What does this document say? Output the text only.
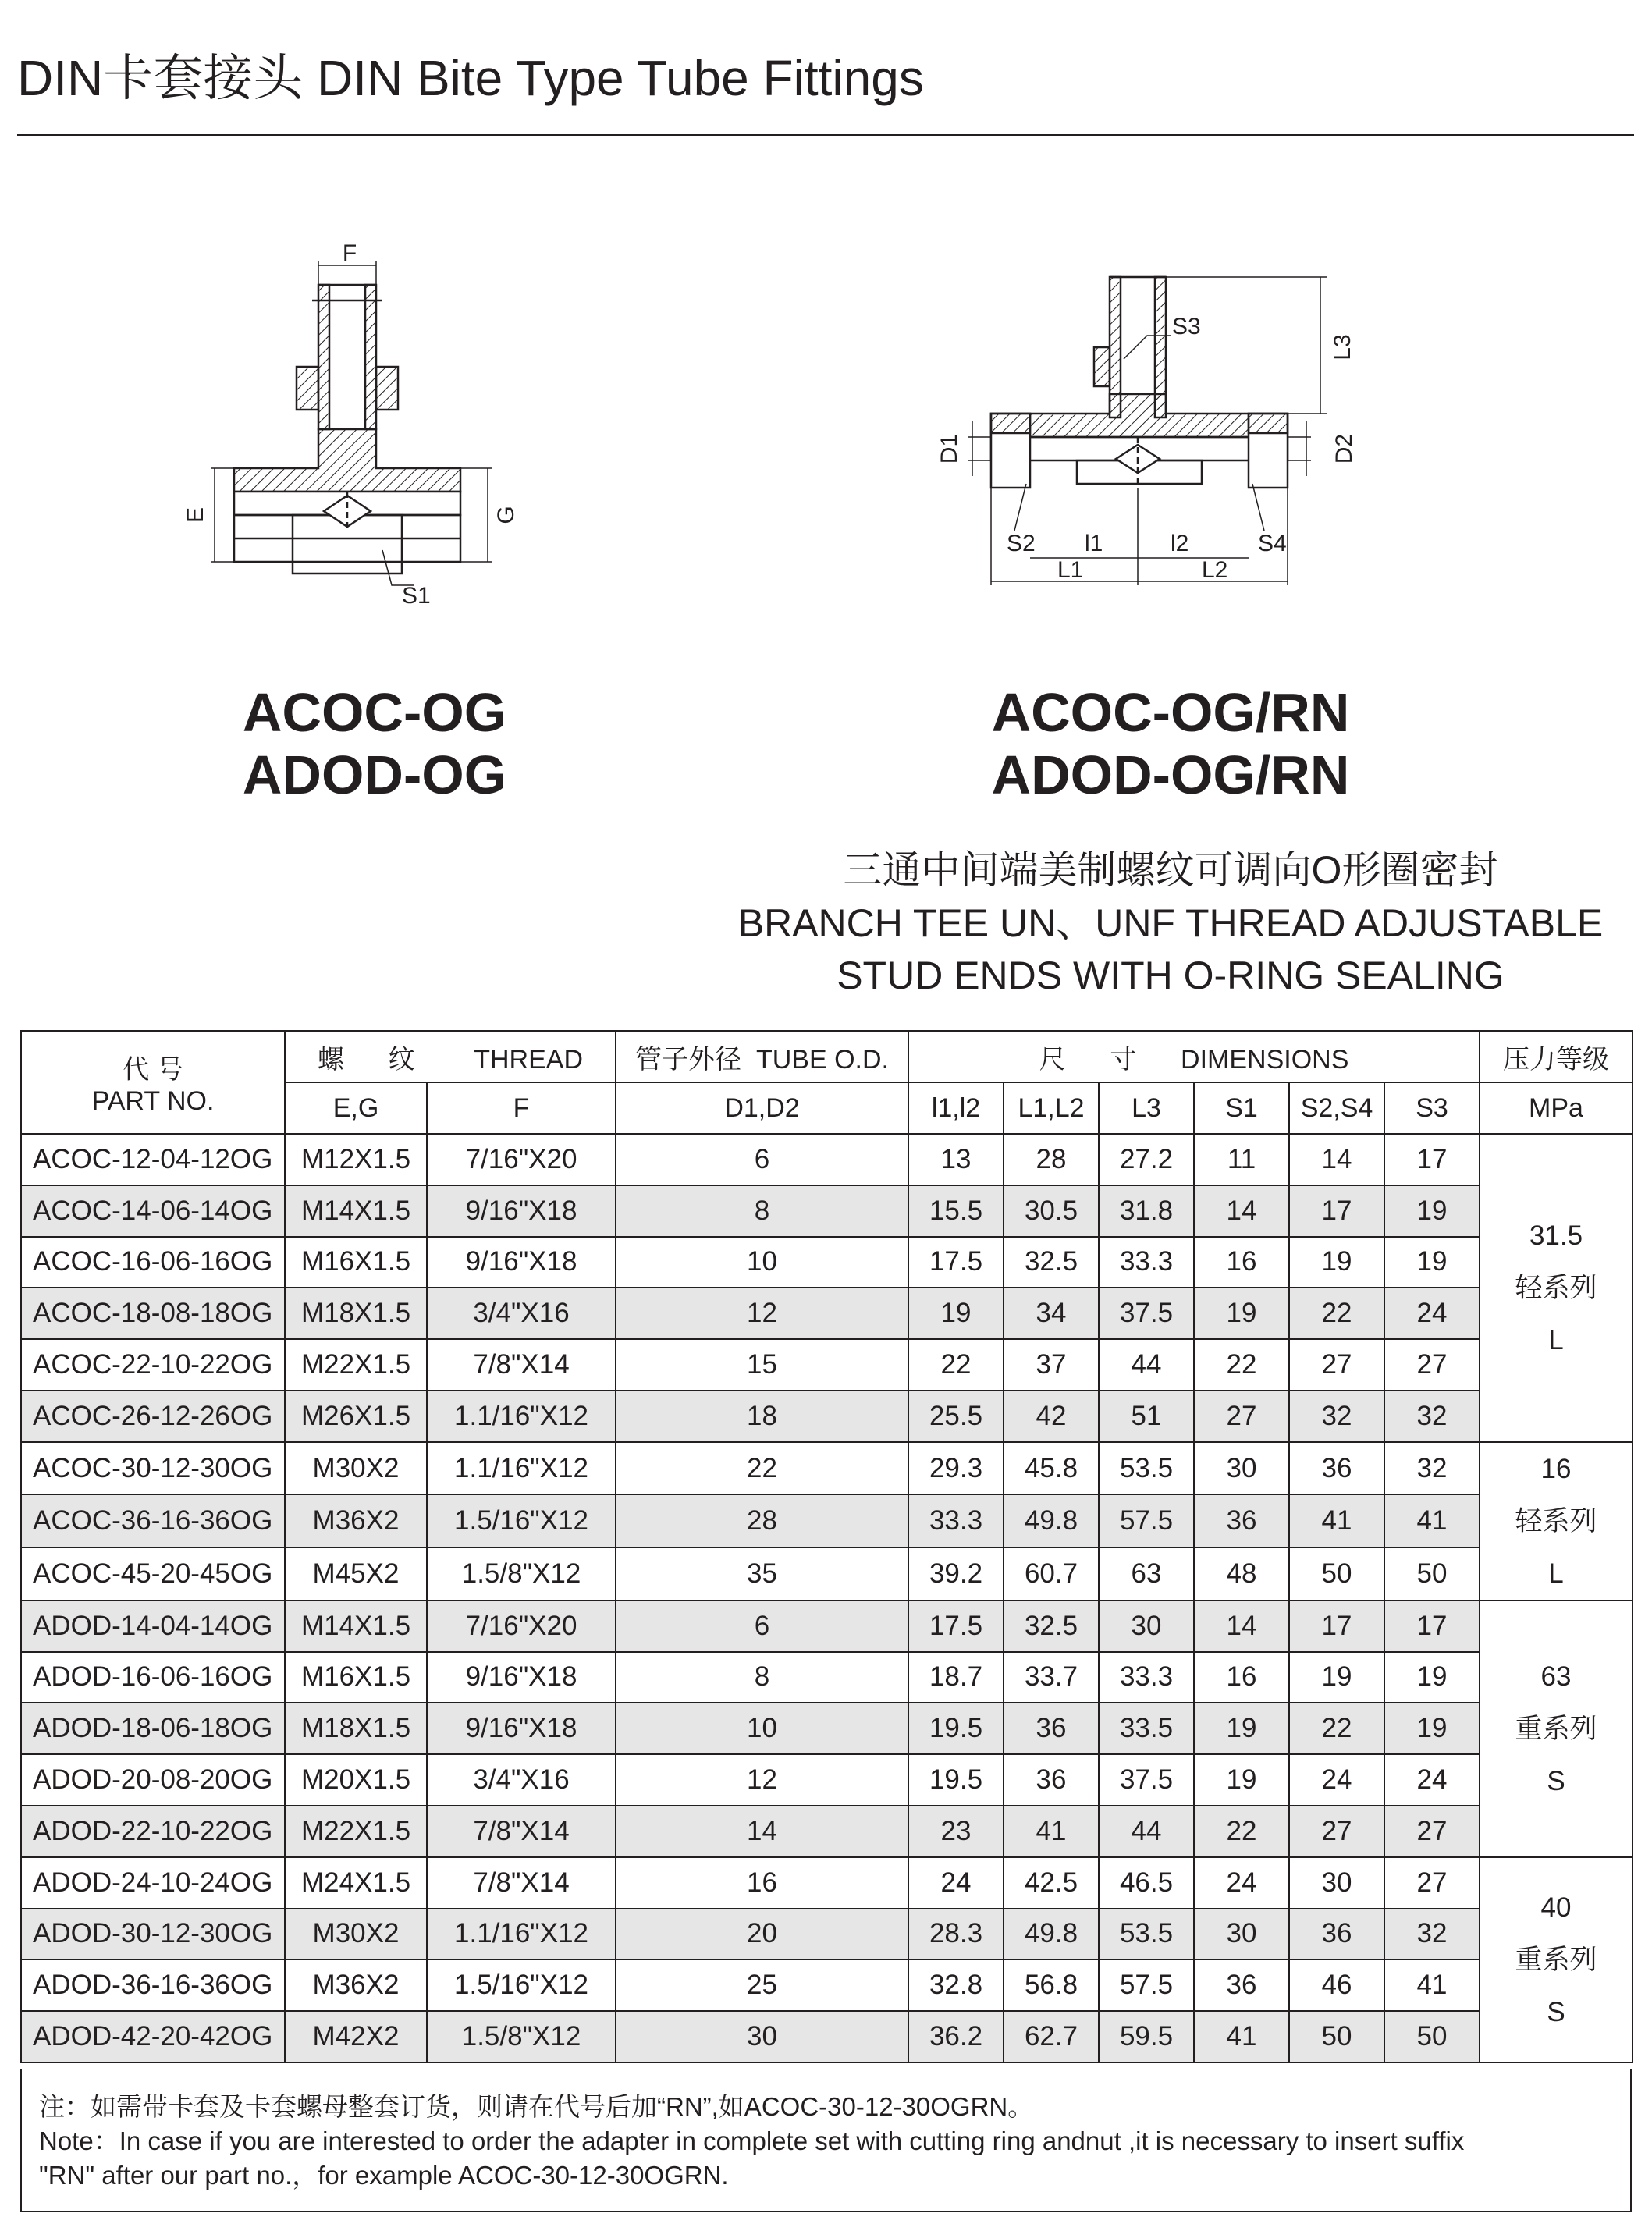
DIN卡套接头 DIN Bite Type Tube Fittings
F
E	G
S1
S3
L3
D1	D2
S2	S4
l1	l2
L1	L2
ACOC-OG
ADOD-OG
ACOC-OG/RN
ADOD-OG/RN
三通中间端美制螺纹可调向O形圈密封
BRANCH TEE UN、UNF THREAD ADJUSTABLE
STUD ENDS WITH O-RING SEALING
代 号
PART NO.	螺      纹        THREAD		管子外径  TUBE O.D.	尺      寸      DIMENSIONS						压力等级
	E,G	F	D1,D2	l1,l2	L1,L2	L3	S1	S2,S4	S3	MPa
ACOC-12-04-12OG	M12X1.5	7/16"X20	6	13	28	27.2	11	14	17	31.5
轻系列
L

ACOC-14-06-14OG	M14X1.5	9/16"X18	8	15.5	30.5	31.8	14	17	19	
ACOC-16-06-16OG	M16X1.5	9/16"X18	10	17.5	32.5	33.3	16	19	19	
ACOC-18-08-18OG	M18X1.5	3/4"X16	12	19	34	37.5	19	22	24	
ACOC-22-10-22OG	M22X1.5	7/8"X14	15	22	37	44	22	27	27	
ACOC-26-12-26OG	M26X1.5	1.1/16"X12	18	25.5	42	51	27	32	32	
ACOC-30-12-30OG	M30X2	1.1/16"X12	22	29.3	45.8	53.5	30	36	32	16
轻系列
L

ACOC-36-16-36OG	M36X2	1.5/16"X12	28	33.3	49.8	57.5	36	41	41	
ACOC-45-20-45OG	M45X2	1.5/8"X12	35	39.2	60.7	63	48	50	50	
ADOD-14-04-14OG	M14X1.5	7/16"X20	6	17.5	32.5	30	14	17	17	63
重系列
S

ADOD-16-06-16OG	M16X1.5	9/16"X18	8	18.7	33.7	33.3	16	19	19	
ADOD-18-06-18OG	M18X1.5	9/16"X18	10	19.5	36	33.5	19	22	19	
ADOD-20-08-20OG	M20X1.5	3/4"X16	12	19.5	36	37.5	19	24	24	
ADOD-22-10-22OG	M22X1.5	7/8"X14	14	23	41	44	22	27	27	
ADOD-24-10-24OG	M24X1.5	7/8"X14	16	24	42.5	46.5	24	30	27	40
重系列
S

ADOD-30-12-30OG	M30X2	1.1/16"X12	20	28.3	49.8	53.5	30	36	32	
ADOD-36-16-36OG	M36X2	1.5/16"X12	25	32.8	56.8	57.5	36	46	41	
ADOD-42-20-42OG	M42X2	1.5/8"X12	30	36.2	62.7	59.5	41	50	50	
注：如需带卡套及卡套螺母整套订货，则请在代号后加“RN”,如ACOC-30-12-30OGRN。
Note：In case if you are interested to order the adapter in complete set with cutting ring andnut ,it is necessary to insert suffix
"RN" after our part no.，for example ACOC-30-12-30OGRN.
